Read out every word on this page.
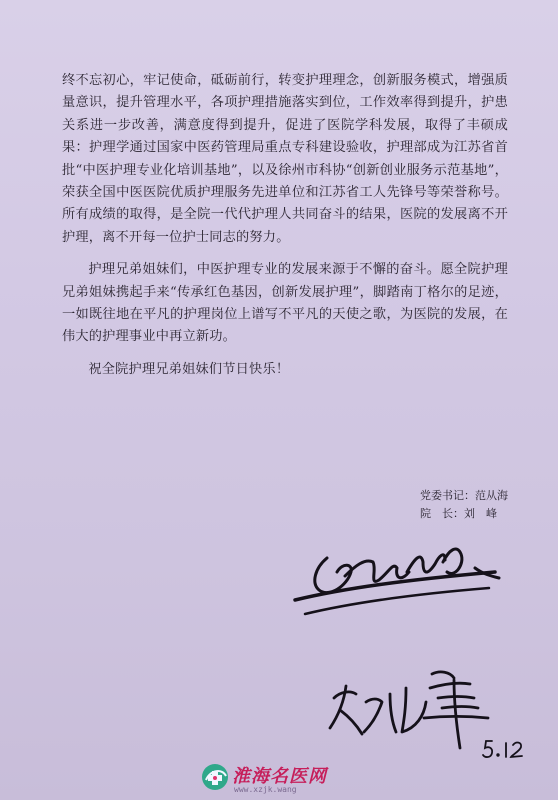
终不忘初心，牢记使命，砥砺前行，转变护理理念，创新服务模式，增强质量意识，提升管理水平，各项护理措施落实到位，工作效率得到提升，护患关系进一步改善，满意度得到提升，促进了医院学科发展，取得了丰硕成果：护理学通过国家中医药管理局重点专科建设验收，护理部成为江苏省首批“中医护理专业化培训基地”，以及徐州市科协“创新创业服务示范基地”，荣获全国中医医院优质护理服务先进单位和江苏省工人先锋号等荣誉称号。所有成绩的取得，是全院一代代护理人共同奋斗的结果，医院的发展离不开护理，离不开每一位护士同志的努力。

护理兄弟姐妹们，中医护理专业的发展来源于不懈的奋斗。愿全院护理兄弟姐妹携起手来“传承红色基因，创新发展护理”，脚踏南丁格尔的足迹，一如既往地在平凡的护理岗位上谱写不平凡的天使之歌，为医院的发展，在伟大的护理事业中再立新功。

祝全院护理兄弟姐妹们节日快乐！

党委书记：范从海
院　长：刘　峰
淮海名医网
www.xzjk.wang
